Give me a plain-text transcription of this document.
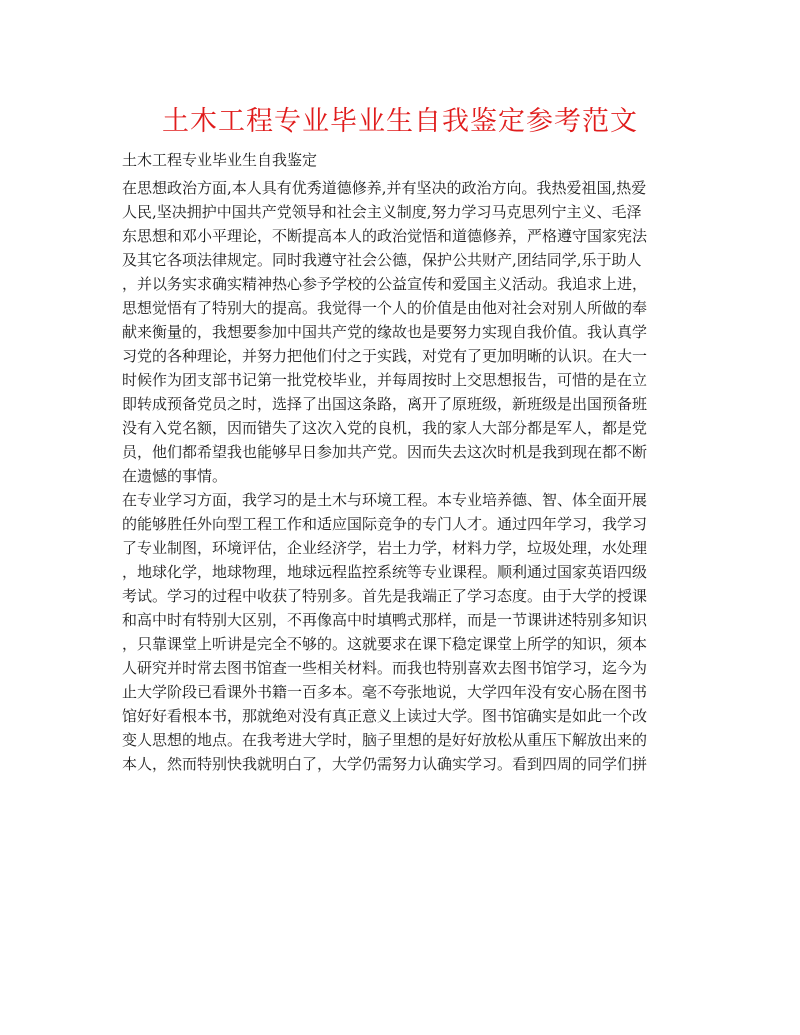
土木工程专业毕业生自我鉴定参考范文
土木工程专业毕业生自我鉴定
在思想政治方面,本人具有优秀道德修养,并有坚决的政治方向。我热爱祖国,热爱
人民,坚决拥护中国共产党领导和社会主义制度,努力学习马克思列宁主义、毛泽
东思想和邓小平理论，不断提高本人的政治觉悟和道德修养，严格遵守国家宪法
及其它各项法律规定。同时我遵守社会公德，保护公共财产,团结同学,乐于助人
，并以务实求确实精神热心参予学校的公益宣传和爱国主义活动。我追求上进，
思想觉悟有了特别大的提高。我觉得一个人的价值是由他对社会对别人所做的奉
献来衡量的，我想要参加中国共产党的缘故也是要努力实现自我价值。我认真学
习党的各种理论，并努力把他们付之于实践，对党有了更加明晰的认识。在大一
时候作为团支部书记第一批党校毕业，并每周按时上交思想报告，可惜的是在立
即转成预备党员之时，选择了出国这条路，离开了原班级，新班级是出国预备班
没有入党名额，因而错失了这次入党的良机，我的家人大部分都是军人，都是党
员，他们都希望我也能够早日参加共产党。因而失去这次时机是我到现在都不断
在遗憾的事情。
在专业学习方面，我学习的是土木与环境工程。本专业培养德、智、体全面开展
的能够胜任外向型工程工作和适应国际竞争的专门人才。通过四年学习，我学习
了专业制图，环境评估，企业经济学，岩土力学，材料力学，垃圾处理，水处理
，地球化学，地球物理，地球远程监控系统等专业课程。顺利通过国家英语四级
考试。学习的过程中收获了特别多。首先是我端正了学习态度。由于大学的授课
和高中时有特别大区别，不再像高中时填鸭式那样，而是一节课讲述特别多知识
，只靠课堂上听讲是完全不够的。这就要求在课下稳定课堂上所学的知识，须本
人研究并时常去图书馆查一些相关材料。而我也特别喜欢去图书馆学习，迄今为
止大学阶段已看课外书籍一百多本。毫不夸张地说，大学四年没有安心肠在图书
馆好好看根本书，那就绝对没有真正意义上读过大学。图书馆确实是如此一个改
变人思想的地点。在我考进大学时，脑子里想的是好好放松从重压下解放出来的
本人，然而特别快我就明白了，大学仍需努力认确实学习。看到四周的同学们拼
